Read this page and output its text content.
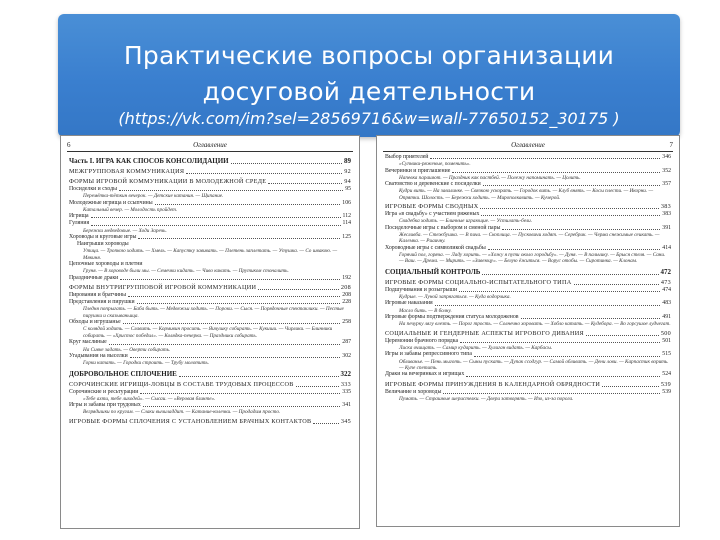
Практические вопросы организации
досуговой деятельности
(https://vk.com/im?sel=28569716&w=wall-77650152_30175 )
6	Оглавление
Часть I. ИГРА КАК СПОСОБ КОНСОЛИДАЦИИ	89
МЕЖГРУППОВАЯ КОММУНИКАЦИЯ	92
ФОРМЫ ИГРОВОЙ КОММУНИКАЦИИ В МОЛОДЕЖНОЙ СРЕДЕ	94
Посиделки и сходы	95
Перемётка-тёткин вечерок. — Детские катания. — Щипание.
Молодежные игрища и ссыпчины	106
Катальный вечер. — Молодость пройдет.
Игрища	112
Гуляния	114
Бережки медведовые. — Ходи Заречь.
Хороводы и круговые игры	125
Наигрыши хороводы
Утица. — Тропкою ходить. — Хмель. — Капустку завивать. — Плетень заплетать. — Утушка. — Со швакою. — Мякиня.
Цепочные хороводы и плетни
Груня. — В хороводе были мы. — Семечки кидать. — Чиво какать. — Прутиком стоналить.
Праздничные драки	192
ФОРМЫ ВНУТРИГРУППОВОЙ ИГРОВОЙ КОММУНИКАЦИИ	208
Пирования и братчины	208
Представления и пирушки	228
Пледня попрыгать. — Баба быть. — Медвежьи ходить. — Пороки. — Сыся. — Порядочные спектаклики. — Пестые пирушки и сказываньица.
Обходы и игрушанье	258
С колядой ходить. — Славить. — Кормивин просить. — Яичушку собирать. — Кукиши. — Чирлики. — Блинники собирать. — «Христос победил». — Колядка-печерка. — Праздники собирать.
Круг маслиные	287
На Сивке задать. — Оверти собирать.
Угадывания на выселки	302
Горки катать. — Городки строить. — Трубу молотить.
ДОБРОВОЛЬНОЕ СПЛОЧЕНИЕ	322
СОРОЧИНСКИЕ ИГРИЩИ-ЛОВЦЫ В СОСТАВЕ ТРУДОВЫХ ПРОЦЕССОВ	333
Сорочинские и ресьтурации	335
«Тебе ахти, тебе лиходей». — Сысаи. — «Веровая блинте».
Игры и забавы при трудовых	341
Вегрядишки по кругам. — Слаки вычиладдит. — Катание-колечки. — Продадим просто.
ИГРОВЫЕ ФОРМЫ СПЛОЧЕНИЯ С УСТАНОВЛЕНИЕМ БРАЧНЫХ КОНТАКТОВ	345
Оглавление	7
Выбор приятелей	346
«Супники-ряженые, поменить».
Вечеринки и приглашение	352
Напевка парашют. — Праздник как пастбей. — Полежу напоминать. — Цолить.
Сватовство и деревенские с посиделки	357
Кудри вить. — На завалинке. — Связкою ускорать. — Городок вить. — Клуб внять. — Косы плести. — Икорни. — Опрятки. Шолость. — Бережки ходить. — Мирополкавить. — Кучерой.
ИГРОВЫЕ ФОРМЫ СВОДНЫХ	383
Игра «в свадьбу» с участием ряженых	383
Свадебка ходить. — Блинные играющие. — Устилать-бели.
Посиделочные игры с выбором и сменой пары	391
Жесливба. — Стежбушка. — В пича. — Скоплица. — Пусковичи ходят. — Серебрик. — Черма снежимые сеикать. — Калемка. — Риаичну.
Хороводные игры с символикой свадьбы	414
Горячий пол, горяча. — Ладу хорить. — «Хожу я пути около городьбу». — Дуня. — В пальчику. — Брыся стеля. — Сани. — Ваш. — Дрема. — Мирить. — «Завеюцу». — Белую ёжиться. — Ворус отобы. — Сиротинка. — Клонам.
СОЦИАЛЬНЫЙ КОНТРОЛЬ	472
ИГРОВЫЕ ФОРМЫ СОЦИАЛЬНО-ИСПЫТАТЕЛЬНОГО ТИПА	473
Подшучивания и розыгрыши	474
Кудрые. — Луной запрягаться. — Куда водорчика.
Игровые наказания	483
Масло бить. — В болну.
Игровые формы подтверждения статуса молодоженов	491
На печурку лягу влезть. — Порог трость. — Солнечно хоровать. — Хобло катать. — Кудебора. — Во горсушое лудчегат.
СОЦИАЛЬНЫЕ И ГЕНДЕРНЫЕ АСПЕКТЫ ИГРОВОГО ДИВАНИЯ	500
Церемонии брачного порядка	501
Лиска очищать. — Самир кударить. — Хулиган видать. — Карбасы.
Игры и забавы репрессивного типа	515
Обливанье. — Пень мыготь. — Сыны пускать. — Дупак ссодгур. — Самой обливать. — Дени лови. — Карпастик ворить. — Купе спетить.
Драки на вечеринках и игрищах	524
ИГРОВЫЕ ФОРМЫ ПРИНУЖДЕНИЯ В КАЛЕНДАРНОЙ ОБРЯДНОСТИ	539
Величание и хороводы	539
Пумать. — Страшные шеристелки. — Двери затворять. — Изо, из-за порога.
